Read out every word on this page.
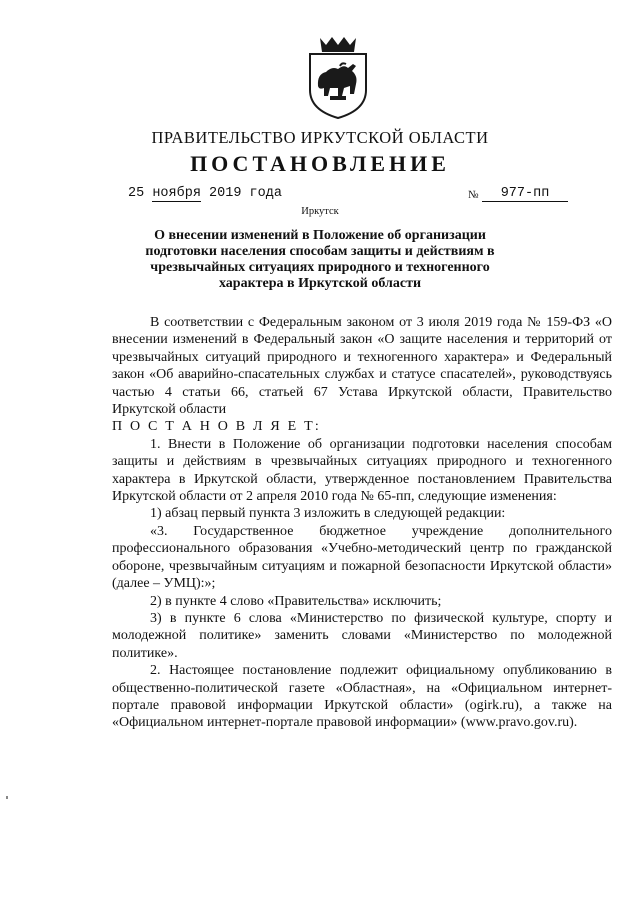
ПРАВИТЕЛЬСТВО ИРКУТСКОЙ ОБЛАСТИ
ПОСТАНОВЛЕНИЕ
25 ноября 2019 года	№	977-пп
Иркутск
О внесении изменений в Положение об организации подготовки населения способам защиты и действиям в чрезвычайных ситуациях природного и техногенного характера в Иркутской области

В соответствии с Федеральным законом от 3 июля 2019 года № 159-ФЗ «О внесении изменений в Федеральный закон «О защите населения и территорий от чрезвычайных ситуаций природного и техногенного характера» и Федеральный закон «Об аварийно-спасательных службах и статусе спасателей», руководствуясь частью 4 статьи 66, статьей 67 Устава Иркутской области, Правительство Иркутской области

П О С Т А Н О В Л Я Е Т:

1. Внести в Положение об организации подготовки населения способам защиты и действиям в чрезвычайных ситуациях природного и техногенного характера в Иркутской области, утвержденное постановлением Правительства Иркутской области от 2 апреля 2010 года № 65-пп, следующие изменения:

1) абзац первый пункта 3 изложить в следующей редакции:

«3. Государственное бюджетное учреждение дополнительного профессионального образования «Учебно-методический центр по гражданской обороне, чрезвычайным ситуациям и пожарной безопасности Иркутской области» (далее – УМЦ):»;

2) в пункте 4 слово «Правительства» исключить;

3) в пункте 6 слова «Министерство по физической культуре, спорту и молодежной политике» заменить словами «Министерство по молодежной политике».

2. Настоящее постановление подлежит официальному опубликованию в общественно-политической газете «Областная», на «Официальном интернет-портале правовой информации Иркутской области» (ogirk.ru), а также на «Официальном интернет-портале правовой информации» (www.pravo.gov.ru).
